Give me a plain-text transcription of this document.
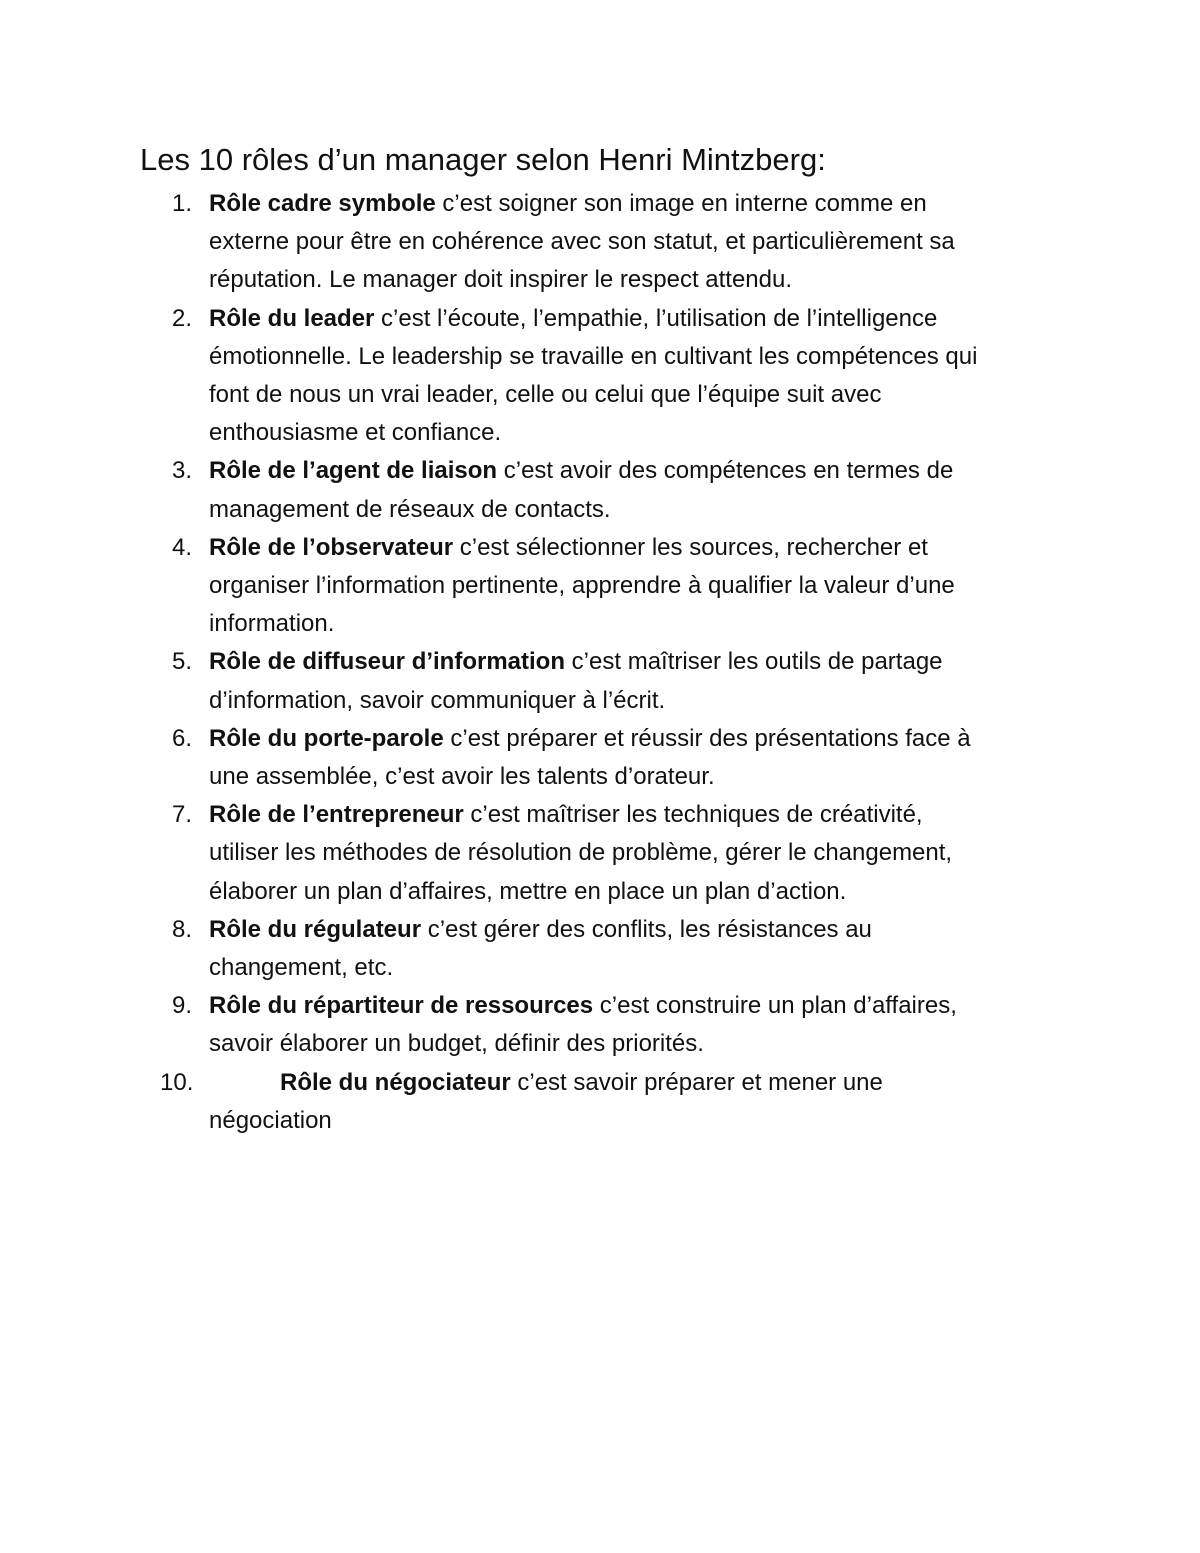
Les 10 rôles d’un manager selon Henri Mintzberg:
1. Rôle cadre symbole c’est soigner son image en interne comme en
externe pour être en cohérence avec son statut, et particulièrement sa
réputation. Le manager doit inspirer le respect attendu.
2. Rôle du leader c’est l’écoute, l’empathie, l’utilisation de l’intelligence
émotionnelle. Le leadership se travaille en cultivant les compétences qui
font de nous un vrai leader, celle ou celui que l’équipe suit avec
enthousiasme et confiance.
3. Rôle de l’agent de liaison c’est avoir des compétences en termes de
management de réseaux de contacts.
4. Rôle de l’observateur c’est sélectionner les sources, rechercher et
organiser l’information pertinente, apprendre à qualifier la valeur d’une
information.
5. Rôle de diffuseur d’information c’est maîtriser les outils de partage
d’information, savoir communiquer à l’écrit.
6. Rôle du porte-parole c’est préparer et réussir des présentations face à
une assemblée, c’est avoir les talents d’orateur.
7. Rôle de l’entrepreneur c’est maîtriser les techniques de créativité,
utiliser les méthodes de résolution de problème, gérer le changement,
élaborer un plan d’affaires, mettre en place un plan d’action.
8. Rôle du régulateur c’est gérer des conflits, les résistances au
changement, etc.
9. Rôle du répartiteur de ressources c’est construire un plan d’affaires,
savoir élaborer un budget, définir des priorités.
10.	Rôle du négociateur c’est savoir préparer et mener une
négociation
